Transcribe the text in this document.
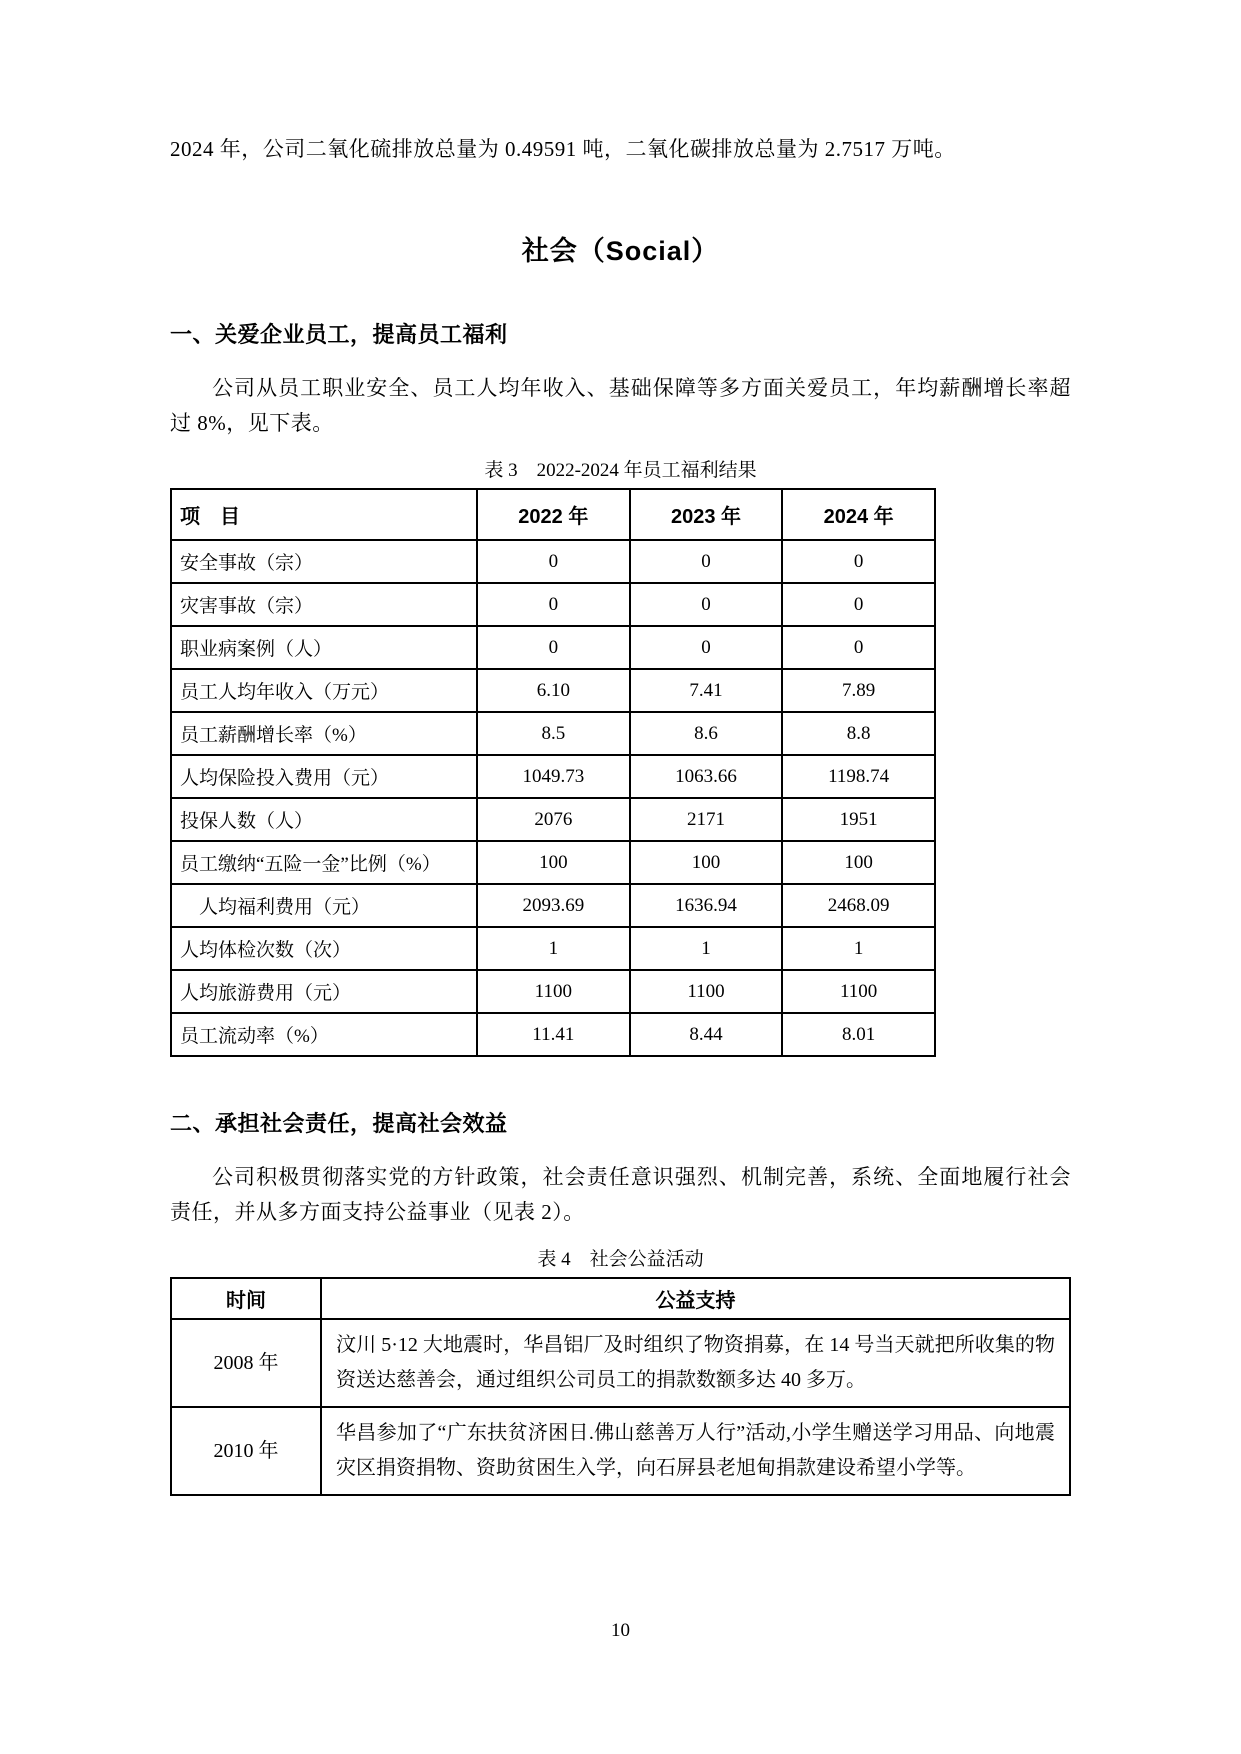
2024 年，公司二氧化硫排放总量为 0.49591 吨，二氧化碳排放总量为 2.7517 万吨。

社会（Social）
一、关爱企业员工，提高员工福利

公司从员工职业安全、员工人均年收入、基础保障等多方面关爱员工，年均薪酬增长率超过 8%，见下表。

表 3　2022-2024 年员工福利结果

项　目	2022 年	2023 年	2024 年
安全事故（宗）	0	0	0
灾害事故（宗）	0	0	0
职业病案例（人）	0	0	0
员工人均年收入（万元）	6.10	7.41	7.89
员工薪酬增长率（%）	8.5	8.6	8.8
人均保险投入费用（元）	1049.73	1063.66	1198.74
投保人数（人）	2076	2171	1951
员工缴纳“五险一金”比例（%）	100	100	100
　人均福利费用（元）	2093.69	1636.94	2468.09
人均体检次数（次）	1	1	1
人均旅游费用（元）	1100	1100	1100
员工流动率（%）	11.41	8.44	8.01
二、承担社会责任，提高社会效益

公司积极贯彻落实党的方针政策，社会责任意识强烈、机制完善，系统、全面地履行社会责任，并从多方面支持公益事业（见表 2）。

表 4　社会公益活动

时间	公益支持
2008 年	汶川 5·12 大地震时，华昌铝厂及时组织了物资捐募，在 14 号当天就把所收集的物资送达慈善会，通过组织公司员工的捐款数额多达 40 多万。
2010 年	华昌参加了“广东扶贫济困日.佛山慈善万人行”活动,小学生赠送学习用品、向地震灾区捐资捐物、资助贫困生入学，向石屏县老旭甸捐款建设希望小学等。
10
